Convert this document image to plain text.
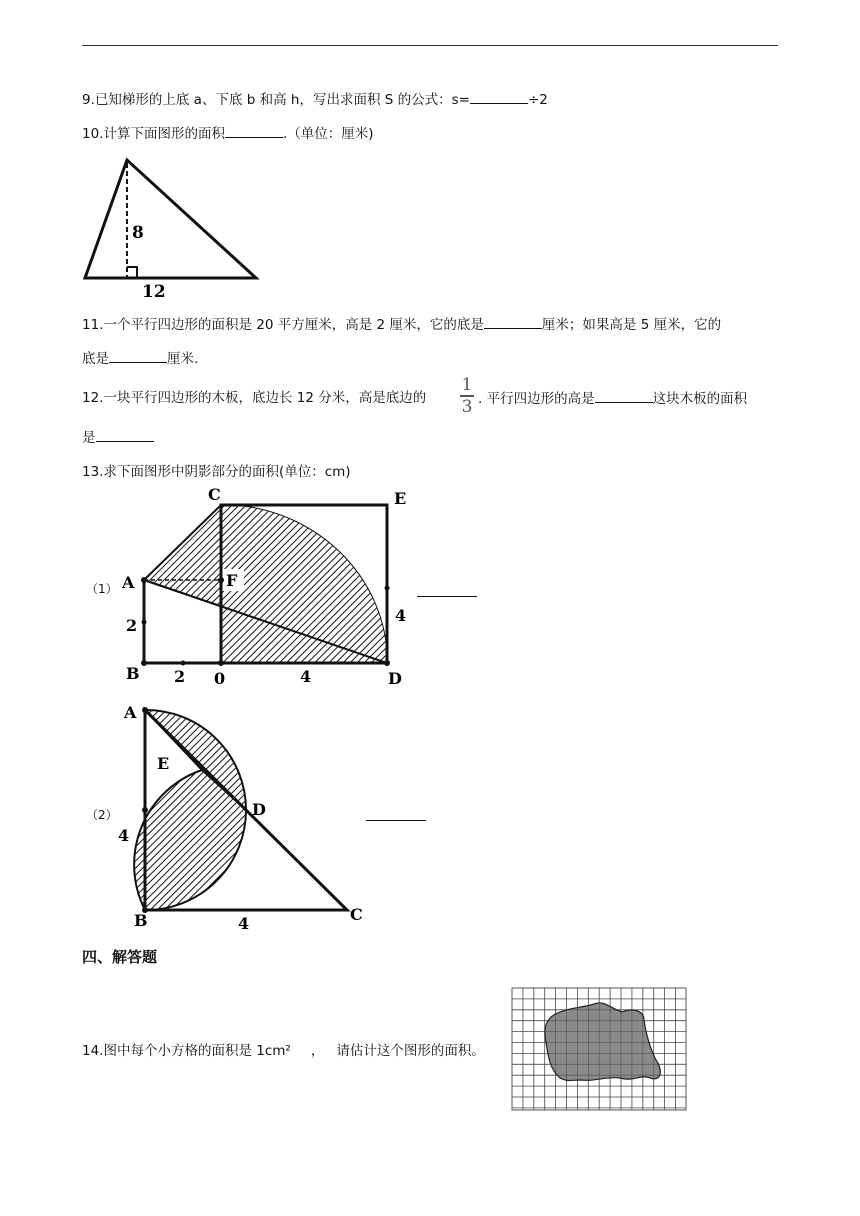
9.已知梯形的上底 a、下底 b 和高 h，写出求面积 S 的公式：s=	÷2
10.计算下面图形的面积	.（单位：厘米)
8
12
11.一个平行四边形的面积是 20 平方厘米，高是 2 厘米，它的底是	厘米；如果高是 5 厘米，它的
底是	厘米.
12.一块平行四边形的木板，底边长 12 分米，高是底边的
1
3 . 平行四边形的高是	这块木板的面积
是
13.求下面图形中阴影部分的面积(单位：cm)
（1）
C	E
A	F
B	D
0
2
2	4
4
（2）
A
E
D
B	C
4
4
四、解答题
14.图中每个小方格的面积是 1cm² ， 请估计这个图形的面积。
